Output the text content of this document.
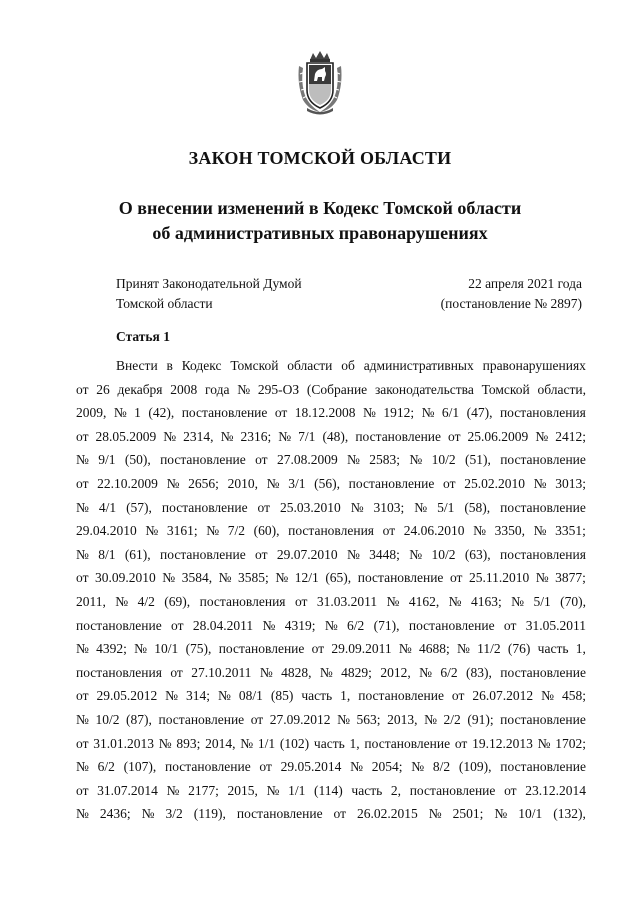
ЗАКОН ТОМСКОЙ ОБЛАСТИ
О внесении изменений в Кодекс Томской области
об административных правонарушениях
Принят Законодательной Думой
Томской области
22 апреля 2021 года
(постановление № 2897)
Статья 1
Внести в Кодекс Томской области об административных правонарушениях
от 26 декабря 2008 года № 295-ОЗ (Собрание законодательства Томской области,
2009, № 1 (42), постановление от 18.12.2008 № 1912; № 6/1 (47), постановления
от 28.05.2009 № 2314, № 2316; № 7/1 (48), постановление от 25.06.2009 № 2412;
№ 9/1 (50), постановление от 27.08.2009 № 2583; № 10/2 (51), постановление
от 22.10.2009 № 2656; 2010, № 3/1 (56), постановление от 25.02.2010 № 3013;
№ 4/1 (57), постановление от 25.03.2010 № 3103; № 5/1 (58), постановление
29.04.2010 № 3161; № 7/2 (60), постановления от 24.06.2010 № 3350, № 3351;
№ 8/1 (61), постановление от 29.07.2010 № 3448; № 10/2 (63), постановления
от 30.09.2010 № 3584, № 3585; № 12/1 (65), постановление от 25.11.2010 № 3877;
2011, № 4/2 (69), постановления от 31.03.2011 № 4162, № 4163; № 5/1 (70),
постановление от 28.04.2011 № 4319; № 6/2 (71), постановление от 31.05.2011
№ 4392; № 10/1 (75), постановление от 29.09.2011 № 4688; № 11/2 (76) часть 1,
постановления от 27.10.2011 № 4828, № 4829; 2012, № 6/2 (83), постановление
от 29.05.2012 № 314; № 08/1 (85) часть 1, постановление от 26.07.2012 № 458;
№ 10/2 (87), постановление от 27.09.2012 № 563; 2013, № 2/2 (91); постановление
от 31.01.2013 № 893; 2014, № 1/1 (102) часть 1, постановление от 19.12.2013 № 1702;
№ 6/2 (107), постановление от 29.05.2014 № 2054; № 8/2 (109), постановление
от 31.07.2014 № 2177; 2015, № 1/1 (114) часть 2, постановление от 23.12.2014
№ 2436; № 3/2 (119), постановление от 26.02.2015 № 2501; № 10/1 (132),
